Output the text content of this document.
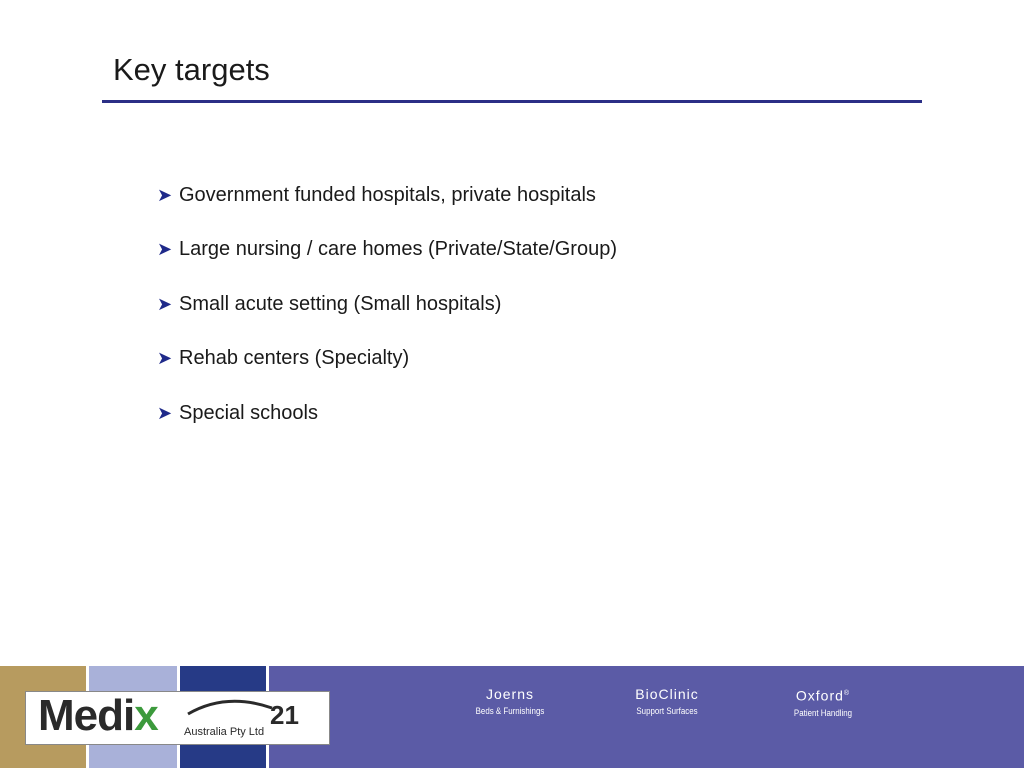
Key targets
➤ Government funded hospitals, private hospitals
➤ Large nursing / care homes (Private/State/Group)
➤ Small acute setting (Small hospitals)
➤ Rehab centers (Specialty)
➤ Special schools
Medix	21
Australia Pty Ltd
Joerns
Beds & Furnishings
BioClinic
Support Surfaces
Oxford®
Patient Handling
